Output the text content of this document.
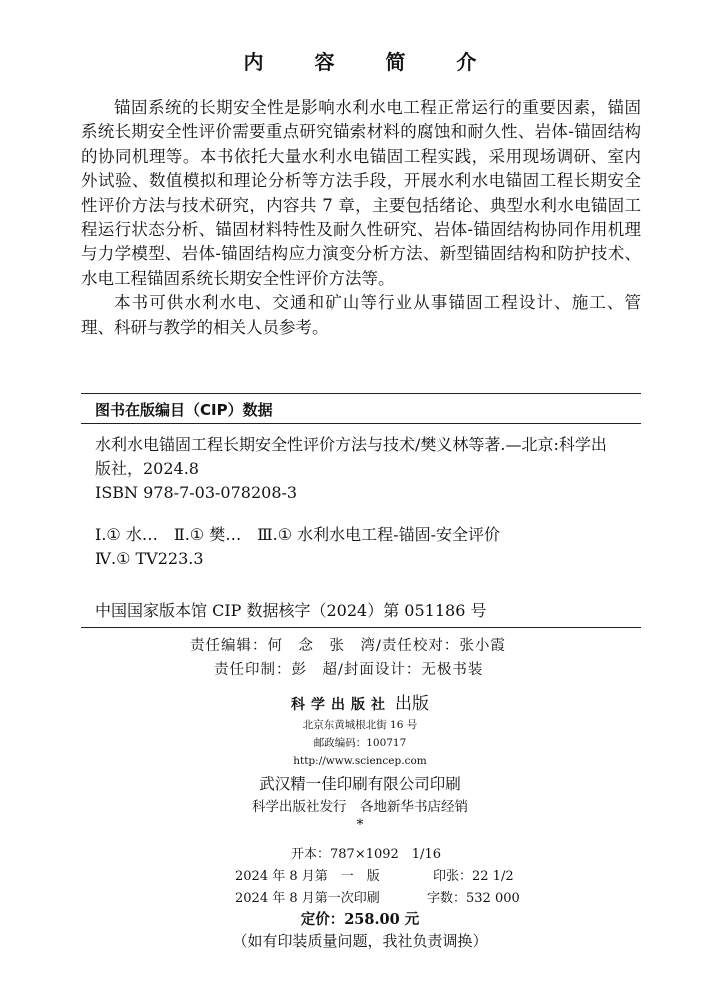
内 容 简 介

锚固系统的长期安全性是影响水利水电工程正常运行的重要因素，锚固系统长期安全性评价需要重点研究锚索材料的腐蚀和耐久性、岩体-锚固结构的协同机理等。本书依托大量水利水电锚固工程实践，采用现场调研、室内外试验、数值模拟和理论分析等方法手段，开展水利水电锚固工程长期安全性评价方法与技术研究，内容共 7 章，主要包括绪论、典型水利水电锚固工程运行状态分析、锚固材料特性及耐久性研究、岩体-锚固结构协同作用机理与力学模型、岩体-锚固结构应力演变分析方法、新型锚固结构和防护技术、水电工程锚固系统长期安全性评价方法等。

本书可供水利水电、交通和矿山等行业从事锚固工程设计、施工、管理、科研与教学的相关人员参考。

图书在版编目（CIP）数据
水利水电锚固工程长期安全性评价方法与技术/樊义林等著.—北京:科学出
版社，2024.8
ISBN 978-7-03-078208-3
Ⅰ.① 水…　Ⅱ.① 樊…　Ⅲ.① 水利水电工程-锚固-安全评价
Ⅳ.① TV223.3
中国国家版本馆 CIP 数据核字（2024）第 051186 号
责任编辑：何　念　张　湾/责任校对：张小霞
责任印制：彭　超/封面设计：无极书装
科学出版社 出版
北京东黄城根北街 16 号
邮政编码：100717
http://www.sciencep.com
武汉精一佳印刷有限公司印刷
科学出版社发行　各地新华书店经销
*
开本：787×1092　1/16
2024 年 8 月第　一　版	印张：22 1/2
2024 年 8 月第一次印刷	字数：532 000
定价：258.00 元
（如有印装质量问题，我社负责调换）
